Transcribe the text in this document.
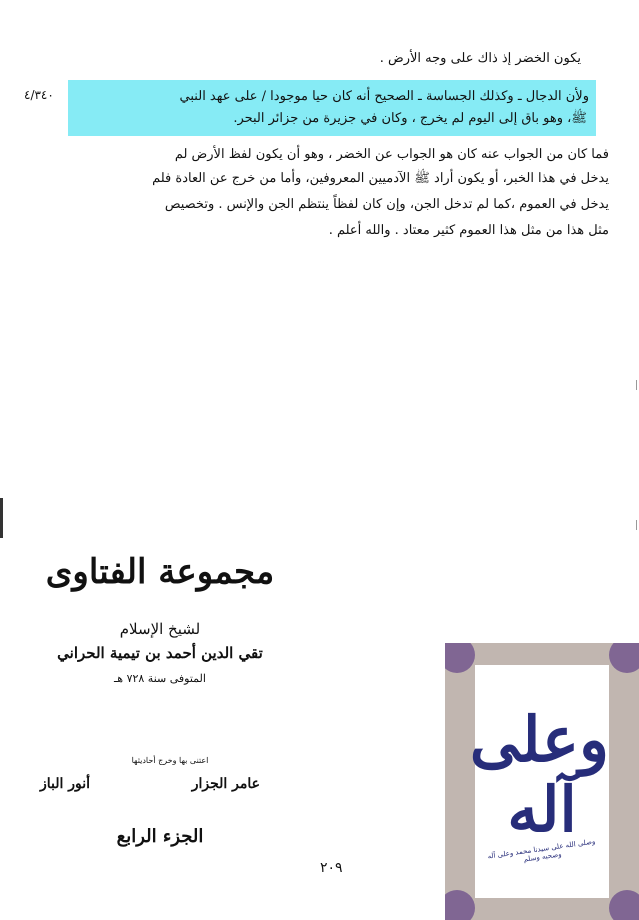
يكون الخضر إذ ذاك على وجه الأرض .
ولأن الدجال ـ وكذلك الجساسة ـ الصحيح أنه كان حيا موجودا / على عهد النبي
ﷺ، وهو باق إلى اليوم لم يخرج ، وكان في جزيرة من جزائر البحر.
٤/٣٤٠
فما كان من الجواب عنه كان هو الجواب عن الخضر ، وهو أن يكون لفظ الأرض لم
يدخل في هذا الخبر، أو يكون أراد ﷺ الآدميين المعروفين، وأما من خرج عن العادة فلم
يدخل في العموم ،كما لم تدخل الجن، وإن كان لفظاً ينتظم الجن والإنس . وتخصيص
مثل هذا من مثل هذا العموم كثير معتاد . والله أعلم .
مجموعة الفتاوى
لشيخ الإسلام
تقي الدين أحمد بن تيمية الحراني
المتوفى سنة ٧٢٨ هـ
اعتنى بها وخرج أحاديثها
عامر الجزار
أنور الباز
الجزء الرابع
٢٠٩
وعلى آله
وصلى الله على سيدنا محمد وعلى آله وصحبه وسلم
